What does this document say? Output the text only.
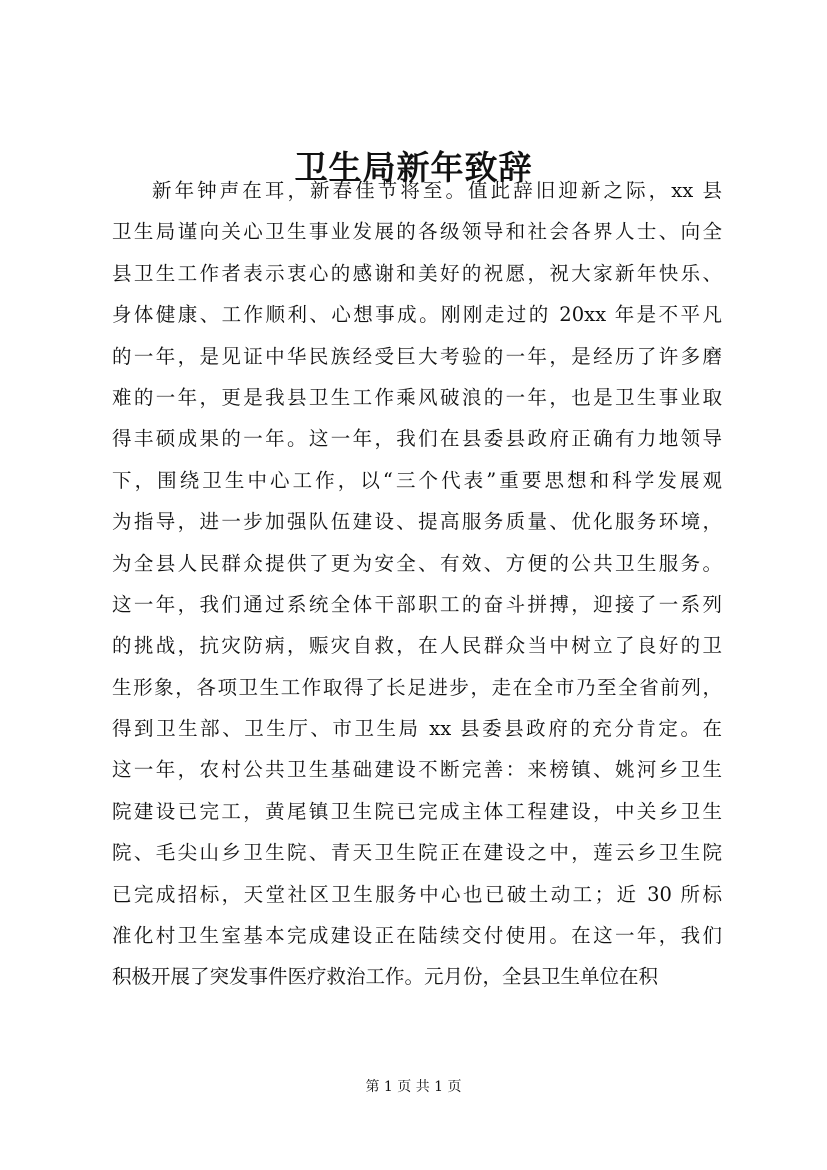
卫生局新年致辞
新年钟声在耳，新春佳节将至。值此辞旧迎新之际，xx 县
卫生局谨向关心卫生事业发展的各级领导和社会各界人士、向全
县卫生工作者表示衷心的感谢和美好的祝愿，祝大家新年快乐、
身体健康、工作顺利、心想事成。刚刚走过的 20xx 年是不平凡
的一年，是见证中华民族经受巨大考验的一年，是经历了许多磨
难的一年，更是我县卫生工作乘风破浪的一年，也是卫生事业取
得丰硕成果的一年。这一年，我们在县委县政府正确有力地领导
下，围绕卫生中心工作，以“三个代表”重要思想和科学发展观
为指导，进一步加强队伍建设、提高服务质量、优化服务环境，
为全县人民群众提供了更为安全、有效、方便的公共卫生服务。
这一年，我们通过系统全体干部职工的奋斗拼搏，迎接了一系列
的挑战，抗灾防病，赈灾自救，在人民群众当中树立了良好的卫
生形象，各项卫生工作取得了长足进步，走在全市乃至全省前列，
得到卫生部、卫生厅、市卫生局 xx 县委县政府的充分肯定。在
这一年，农村公共卫生基础建设不断完善：来榜镇、姚河乡卫生
院建设已完工，黄尾镇卫生院已完成主体工程建设，中关乡卫生
院、毛尖山乡卫生院、青天卫生院正在建设之中，莲云乡卫生院
已完成招标，天堂社区卫生服务中心也已破土动工；近 30 所标
准化村卫生室基本完成建设正在陆续交付使用。在这一年，我们
积极开展了突发事件医疗救治工作。元月份，全县卫生单位在积
第 1 页 共 1 页
